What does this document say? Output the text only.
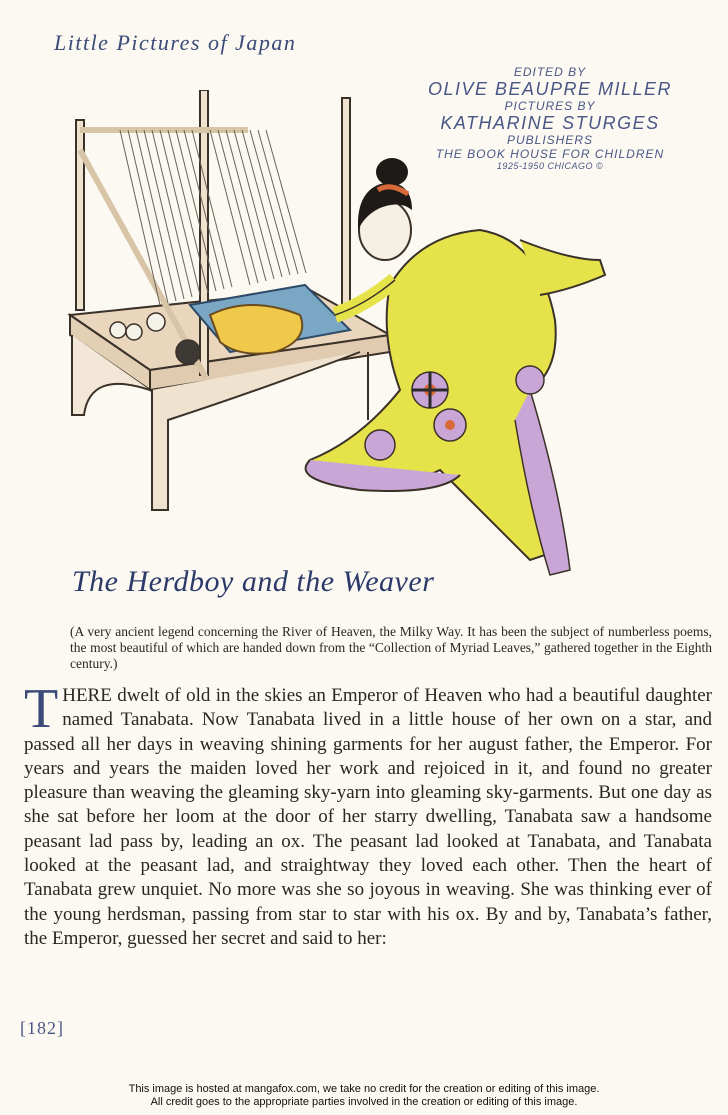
Little Pictures of Japan
EDITED BY
OLIVE BEAUPRE MILLER
PICTURES BY
KATHARINE STURGES
PUBLISHERS
THE BOOK HOUSE FOR CHILDREN
1925-1950 CHICAGO ©
The Herdboy and the Weaver
(A very ancient legend concerning the River of Heaven, the Milky Way. It has been the subject of numberless poems, the most beautiful of which are handed down from the “Collection of Myriad Leaves,” gathered together in the Eighth century.)
T HERE dwelt of old in the skies an Emperor of Heaven who had a beautiful daughter named Tanabata. Now Tanabata lived in a little house of her own on a star, and passed all her days in weaving shining garments for her august father, the Emperor. For years and years the maiden loved her work and rejoiced in it, and found no greater pleasure than weaving the gleaming sky-yarn into gleaming sky-garments. But one day as she sat before her loom at the door of her starry dwelling, Tanabata saw a handsome peasant lad pass by, leading an ox. The peasant lad looked at Tanabata, and Tanabata looked at the peasant lad, and straightway they loved each other. Then the heart of Tanabata grew unquiet. No more was she so joyous in weaving. She was thinking ever of the young herdsman, passing from star to star with his ox. By and by, Tanabata’s father, the Emperor, guessed her secret and said to her:
[182]
This image is hosted at mangafox.com, we take no credit for the creation or editing of this image.
All credit goes to the appropriate parties involved in the creation or editing of this image.
